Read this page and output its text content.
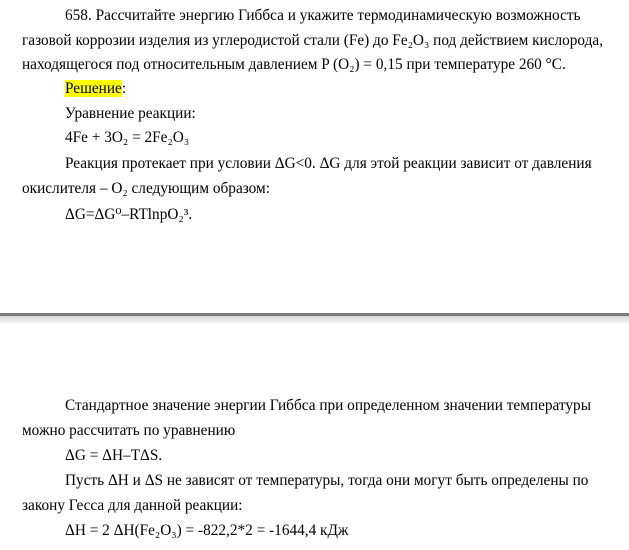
658. Рассчитайте энергию Гиббса и укажите термодинамическую возможность
газовой коррозии изделия из углеродистой стали (Fe) до Fe₂O₃ под действием кислорода,
находящегося под относительным давлением P (O₂) = 0,15 при температуре 260 °C.
Решение:
Уравнение реакции:
4Fe + 3O₂ = 2Fe₂O₃
Реакция протекает при условии ΔG<0. ΔG для этой реакции зависит от давления
окислителя – O₂ следующим образом:
ΔG=ΔG⁰–RTlnpO₂³.
Стандартное значение энергии Гиббса при определенном значении температуры
можно рассчитать по уравнению
ΔG = ΔH–TΔS.
Пусть ΔH и ΔS не зависят от температуры, тогда они могут быть определены по
закону Гесса для данной реакции:
ΔH = 2 ΔH(Fe₂O₃) = -822,2*2 = -1644,4 кДж
